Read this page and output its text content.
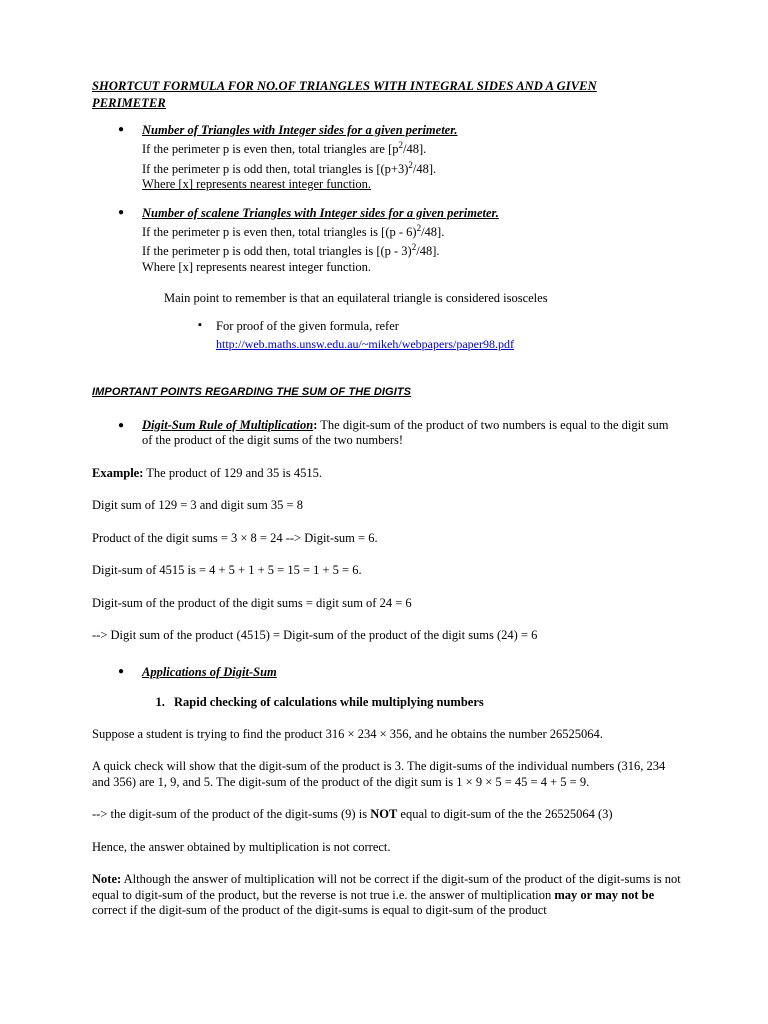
SHORTCUT FORMULA FOR NO.OF TRIANGLES WITH INTEGRAL SIDES AND A GIVEN PERIMETER
● Number of Triangles with Integer sides for a given perimeter.
If the perimeter p is even then, total triangles are $[p^2/48]$.
If the perimeter p is odd then, total triangles is $[(p+3)^2/48]$.
Where [x] represents nearest integer function.
● Number of scalene Triangles with Integer sides for a given perimeter.
If the perimeter p is even then, total triangles is [(p - 6)$^2$/48].
If the perimeter p is odd then, total triangles is [(p - 3)$^2$/48].
Where [x] represents nearest integer function.
Main point to remember is that an equilateral triangle is considered isosceles
▪ For proof of the given formula, refer
http://web.maths.unsw.edu.au/~mikeh/webpapers/paper98.pdf
IMPORTANT POINTS REGARDING THE SUM OF THE DIGITS
● Digit-Sum Rule of Multiplication: The digit-sum of the product of two numbers is equal to the digit sum of the product of the digit sums of the two numbers!
Example: The product of 129 and 35 is 4515.
Digit sum of 129 = 3 and digit sum 35 = 8
Product of the digit sums = 3 × 8 = 24 --> Digit-sum = 6.
Digit-sum of 4515 is = 4 + 5 + 1 + 5 = 15 = 1 + 5 = 6.
Digit-sum of the product of the digit sums = digit sum of 24 = 6
--> Digit sum of the product (4515) = Digit-sum of the product of the digit sums (24) = 6
● Applications of Digit-Sum
1. Rapid checking of calculations while multiplying numbers
Suppose a student is trying to find the product 316 × 234 × 356, and he obtains the number 26525064.
A quick check will show that the digit-sum of the product is 3. The digit-sums of the individual numbers (316, 234 and 356) are 1, 9, and 5. The digit-sum of the product of the digit sum is 1 × 9 × 5 = 45 = 4 + 5 = 9.
--> the digit-sum of the product of the digit-sums (9) is NOT equal to digit-sum of the the 26525064 (3)
Hence, the answer obtained by multiplication is not correct.
Note: Although the answer of multiplication will not be correct if the digit-sum of the product of the digit-sums is not equal to digit-sum of the product, but the reverse is not true i.e. the answer of multiplication may or may not be correct if the digit-sum of the product of the digit-sums is equal to digit-sum of the product
